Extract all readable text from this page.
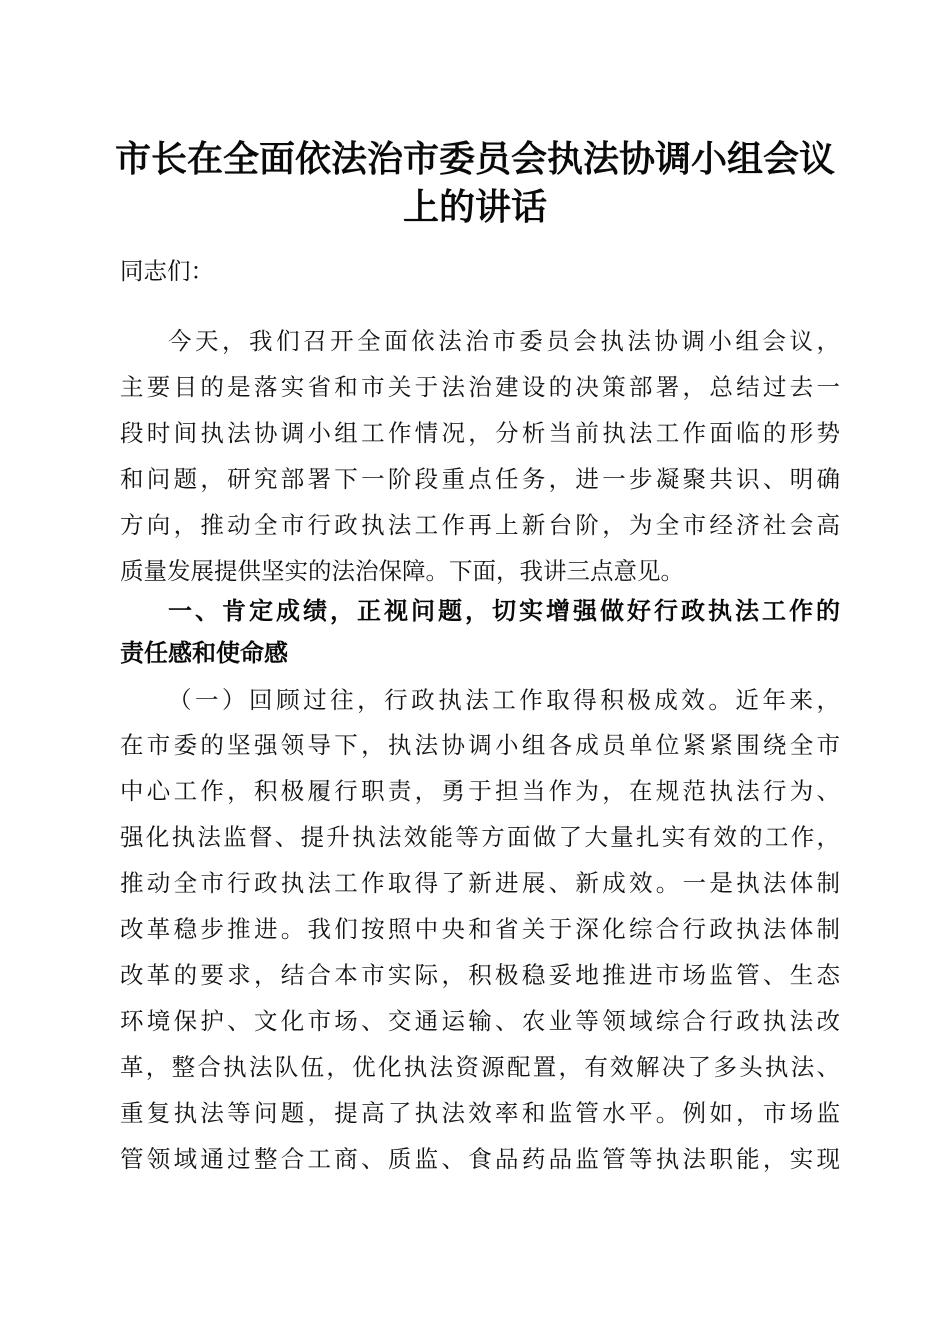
市长在全面依法治市委员会执法协调小组会议
上的讲话

同志们：

今天，我们召开全面依法治市委员会执法协调小组会议，

主要目的是落实省和市关于法治建设的决策部署，总结过去一

段时间执法协调小组工作情况，分析当前执法工作面临的形势

和问题，研究部署下一阶段重点任务，进一步凝聚共识、明确

方向，推动全市行政执法工作再上新台阶，为全市经济社会高

质量发展提供坚实的法治保障。下面，我讲三点意见。

一、肯定成绩，正视问题，切实增强做好行政执法工作的

责任感和使命感

（一）回顾过往，行政执法工作取得积极成效。近年来，

在市委的坚强领导下，执法协调小组各成员单位紧紧围绕全市

中心工作，积极履行职责，勇于担当作为，在规范执法行为、

强化执法监督、提升执法效能等方面做了大量扎实有效的工作，

推动全市行政执法工作取得了新进展、新成效。一是执法体制

改革稳步推进。我们按照中央和省关于深化综合行政执法体制

改革的要求，结合本市实际，积极稳妥地推进市场监管、生态

环境保护、文化市场、交通运输、农业等领域综合行政执法改

革，整合执法队伍，优化执法资源配置，有效解决了多头执法、

重复执法等问题，提高了执法效率和监管水平。例如，市场监

管领域通过整合工商、质监、食品药品监管等执法职能，实现
